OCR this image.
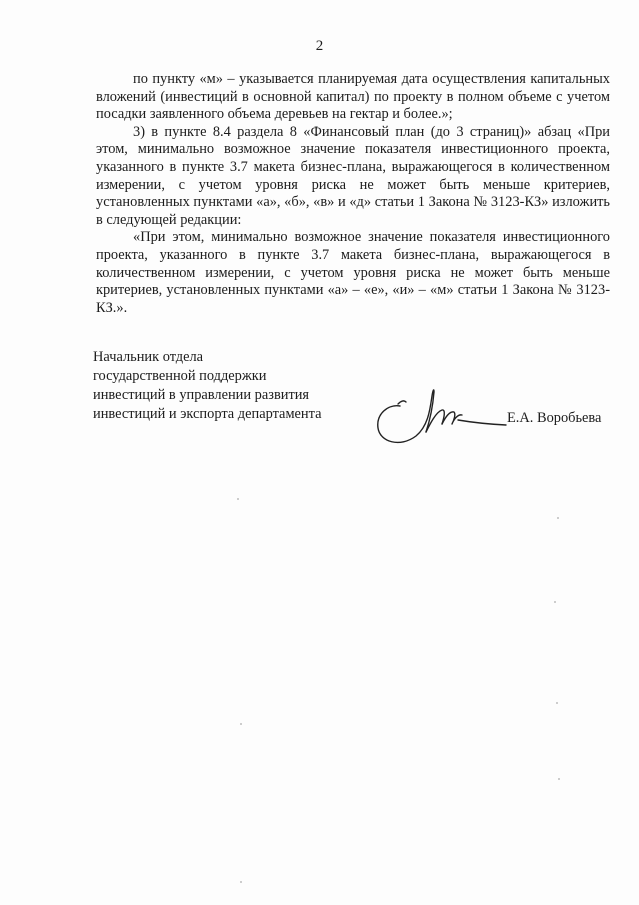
2

по пункту «м» – указывается планируемая дата осуществления капитальных вложений (инвестиций в основной капитал) по проекту в полном объеме с учетом посадки заявленного объема деревьев на гектар и более.»;

3) в пункте 8.4 раздела 8 «Финансовый план (до 3 страниц)» абзац «При этом, минимально возможное значение показателя инвестиционного проекта, указанного в пункте 3.7 макета бизнес-плана, выражающегося в количественном измерении, с учетом уровня риска не может быть меньше критериев, установленных пунктами «а», «б», «в» и «д» статьи 1 Закона № 3123-КЗ» изложить в следующей редакции:

«При этом, минимально возможное значение показателя инвестиционного проекта, указанного в пункте 3.7 макета бизнес-плана, выражающегося в количественном измерении, с учетом уровня риска не может быть меньше критериев, установленных пунктами «а» – «е», «и» – «м» статьи 1 Закона № 3123-КЗ.».

Начальник отдела
государственной поддержки
инвестиций в управлении развития
инвестиций и экспорта департамента	Е.А. Воробьева
